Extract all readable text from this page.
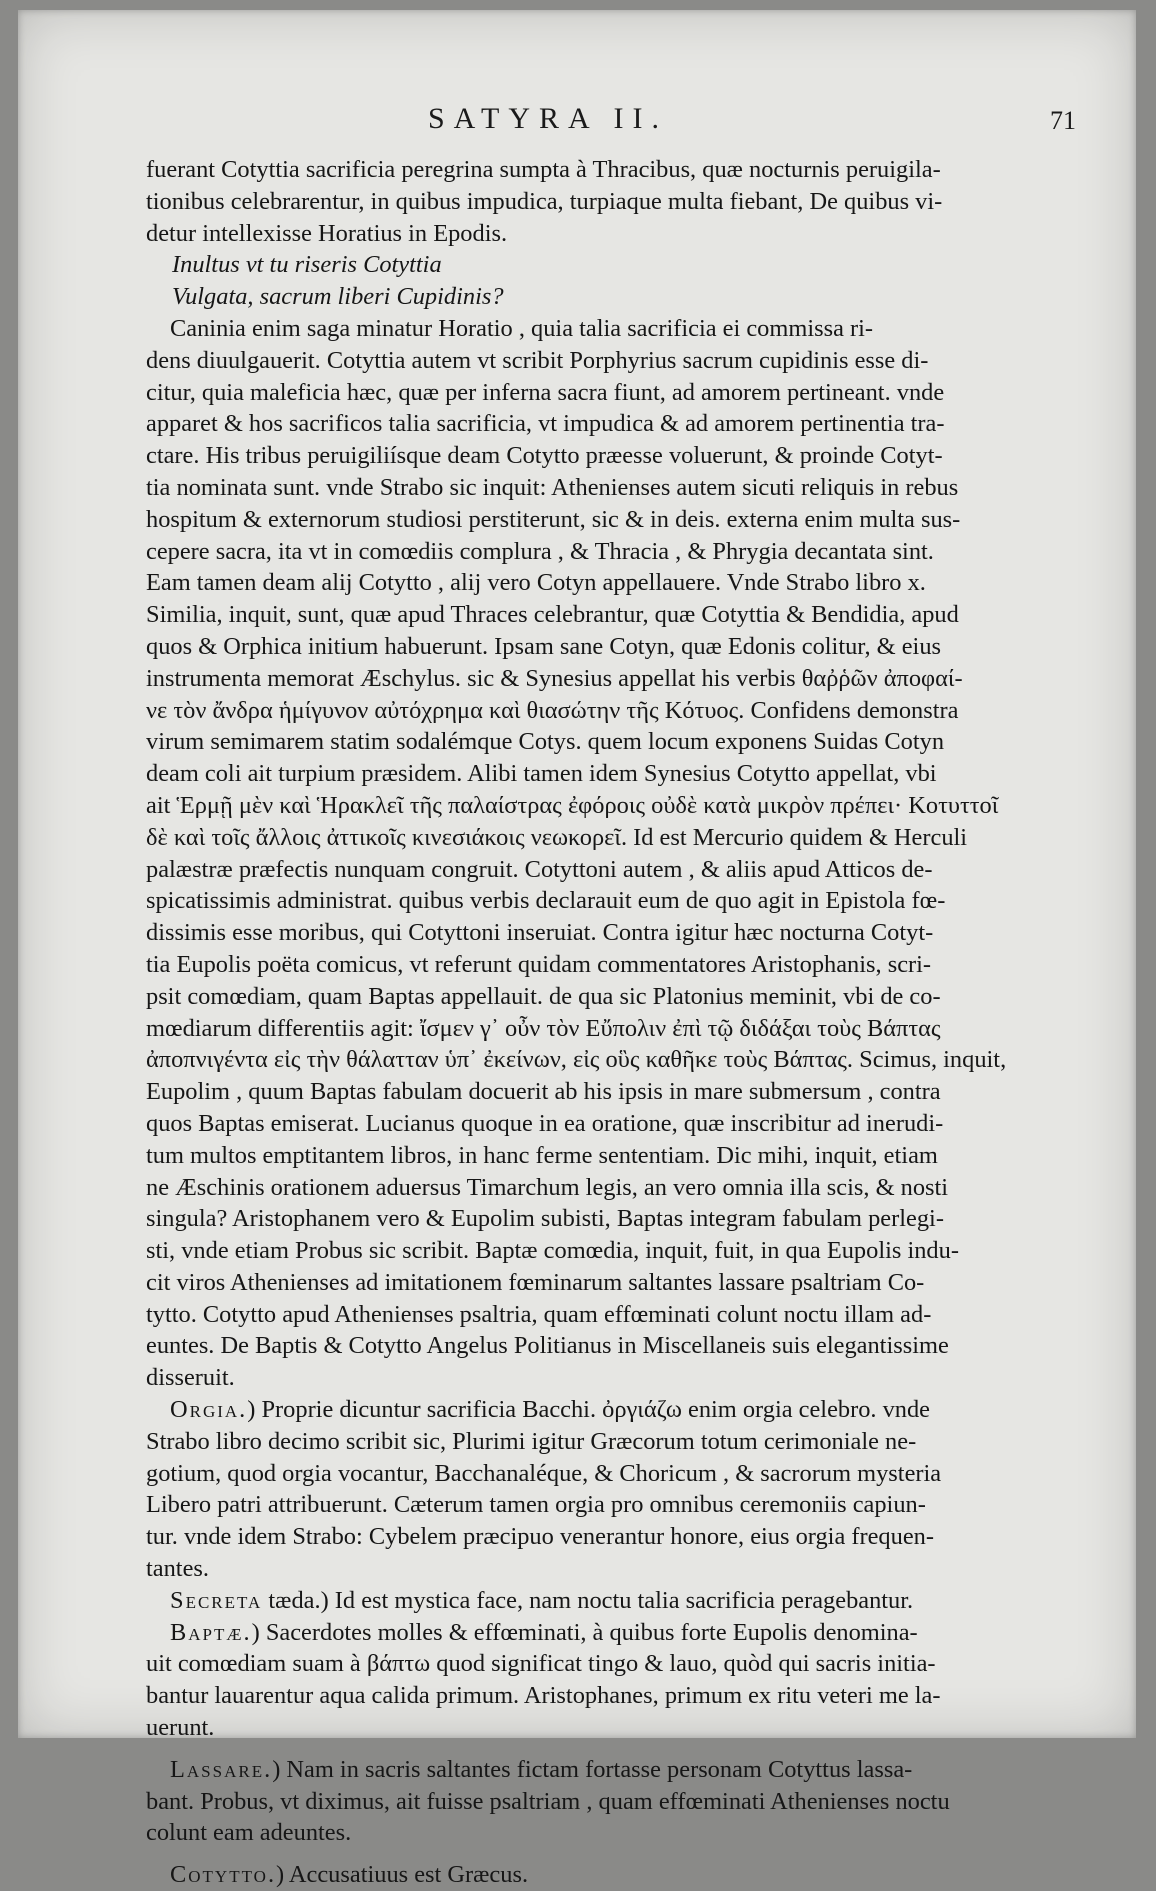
SATYRA II.	71
fuerant Cotyttia sacrificia peregrina sumpta à Thracibus, quæ nocturnis peruigila-
tionibus celebrarentur, in quibus impudica, turpiaque multa fiebant, De quibus vi-
detur intellexisse Horatius in Epodis.
Inultus vt tu riseris Cotyttia
Vulgata, sacrum liberi Cupidinis?
Caninia enim saga minatur Horatio , quia talia sacrificia ei commissa ri-
dens diuulgauerit. Cotyttia autem vt scribit Porphyrius sacrum cupidinis esse di-
citur, quia maleficia hæc, quæ per inferna sacra fiunt, ad amorem pertineant. vnde
apparet & hos sacrificos talia sacrificia, vt impudica & ad amorem pertinentia tra-
ctare. His tribus peruigiliísque deam Cotytto præesse voluerunt, & proinde Cotyt-
tia nominata sunt. vnde Strabo sic inquit: Athenienses autem sicuti reliquis in rebus
hospitum & externorum studiosi perstiterunt, sic & in deis. externa enim multa sus-
cepere sacra, ita vt in comœdiis complura , & Thracia , & Phrygia decantata sint.
Eam tamen deam alij Cotytto , alij vero Cotyn appellauere. Vnde Strabo libro x.
Similia, inquit, sunt, quæ apud Thraces celebrantur, quæ Cotyttia & Bendidia, apud
quos & Orphica initium habuerunt. Ipsam sane Cotyn, quæ Edonis colitur, & eius
instrumenta memorat Æschylus. sic & Synesius appellat his verbis θαῤῥῶν ἀποφαί-
νε τὸν ἄνδρα ἡμίγυνον αὐτόχρημα καὶ θιασώτην τῆς Κότυος. Confidens demonstra
virum semimarem statim sodalémque Cotys. quem locum exponens Suidas Cotyn
deam coli ait turpium præsidem. Alibi tamen idem Synesius Cotytto appellat, vbi
ait Ἑρμῇ μὲν καὶ Ἡρακλεῖ τῆς παλαίστρας ἐφόροις οὐδὲ κατὰ μικρὸν πρέπει· Κοτυττοῖ
δὲ καὶ τοῖς ἄλλοις ἀττικοῖς κινεσιάκοις νεωκορεῖ. Id est Mercurio quidem & Herculi
palæstræ præfectis nunquam congruit. Cotyttoni autem , & aliis apud Atticos de-
spicatissimis administrat. quibus verbis declarauit eum de quo agit in Epistola fœ-
dissimis esse moribus, qui Cotyttoni inseruiat. Contra igitur hæc nocturna Cotyt-
tia Eupolis poëta comicus, vt referunt quidam commentatores Aristophanis, scri-
psit comœdiam, quam Baptas appellauit. de qua sic Platonius meminit, vbi de co-
mœdiarum differentiis agit: ἴσμεν γ᾽ οὖν τὸν Εὔπολιν ἐπὶ τῷ διδάξαι τοὺς Βάπτας
ἀποπνιγέντα εἰς τὴν θάλατταν ὑπ᾽ ἐκείνων, εἰς οὓς καθῆκε τοὺς Βάπτας. Scimus, inquit,
Eupolim , quum Baptas fabulam docuerit ab his ipsis in mare submersum , contra
quos Baptas emiserat. Lucianus quoque in ea oratione, quæ inscribitur ad inerudi-
tum multos emptitantem libros, in hanc ferme sententiam. Dic mihi, inquit, etiam
ne Æschinis orationem aduersus Timarchum legis, an vero omnia illa scis, & nosti
singula? Aristophanem vero & Eupolim subisti, Baptas integram fabulam perlegi-
sti, vnde etiam Probus sic scribit. Baptæ comœdia, inquit, fuit, in qua Eupolis indu-
cit viros Athenienses ad imitationem fœminarum saltantes lassare psaltriam Co-
tytto. Cotytto apud Athenienses psaltria, quam effœminati colunt noctu illam ad-
euntes. De Baptis & Cotytto Angelus Politianus in Miscellaneis suis elegantissime
disseruit.
Orgia.) Proprie dicuntur sacrificia Bacchi. ὀργιάζω enim orgia celebro. vnde
Strabo libro decimo scribit sic, Plurimi igitur Græcorum totum cerimoniale ne-
gotium, quod orgia vocantur, Bacchanaléque, & Choricum , & sacrorum mysteria
Libero patri attribuerunt. Cæterum tamen orgia pro omnibus ceremoniis capiun-
tur. vnde idem Strabo: Cybelem præcipuo venerantur honore, eius orgia frequen-
tantes.
Secreta tæda.) Id est mystica face, nam noctu talia sacrificia peragebantur.
Baptæ.) Sacerdotes molles & effœminati, à quibus forte Eupolis denomina-
uit comœdiam suam à βάπτω quod significat tingo & lauo, quòd qui sacris initia-
bantur lauarentur aqua calida primum. Aristophanes, primum ex ritu veteri me la-
uerunt.
Lassare.) Nam in sacris saltantes fictam fortasse personam Cotyttus lassa-
bant. Probus, vt diximus, ait fuisse psaltriam , quam effœminati Athenienses noctu
colunt eam adeuntes.
Cotytto.) Accusatiuus est Græcus.
